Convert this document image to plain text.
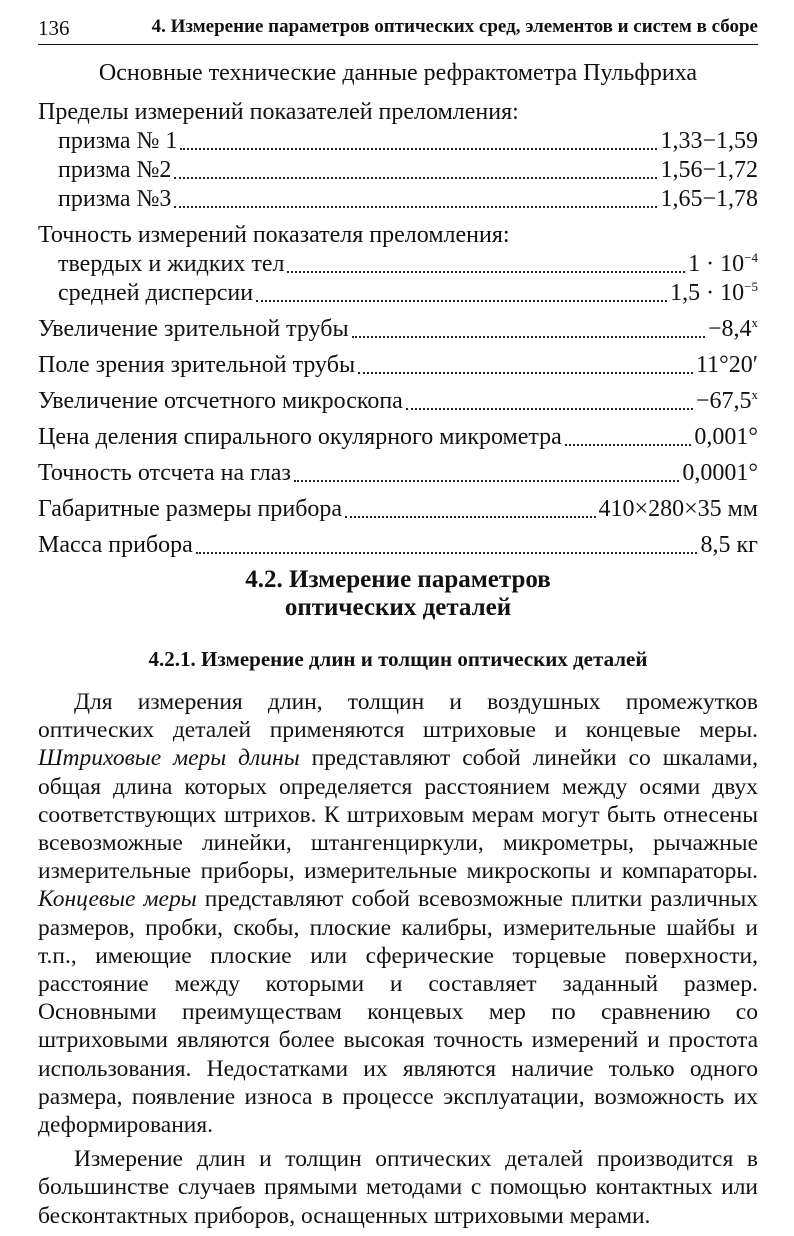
136	4. Измерение параметров оптических сред, элементов и систем в сборе
Основные технические данные рефрактометра Пульфриха
Пределы измерений показателей преломления:
призма № 1	1,33−1,59
призма №2	1,56−1,72
призма №3	1,65−1,78
Точность измерений показателя преломления:
твердых и жидких тел	$1 \cdot 10^{-4}$
средней дисперсии	$1,5 \cdot 10^{-5}$
Увеличение зрительной трубы	$-8,4^x$
Поле зрения зрительной трубы	11°20′
Увеличение отсчетного микроскопа	$-67,5^x$
Цена деления спирального окулярного микрометра	0,001°
Точность отсчета на глаз	0,0001°
Габаритные размеры прибора	410×280×35 мм
Масса прибора	8,5 кг
4.2. Измерение параметров
оптических деталей
4.2.1. Измерение длин и толщин оптических деталей

Для измерения длин, толщин и воздушных промежутков оптических деталей применяются штриховые и концевые меры. Штриховые меры длины представляют собой линейки со шкалами, общая длина которых определяется расстоянием между осями двух соответствующих штрихов. К штриховым мерам могут быть отнесены всевозможные линейки, штангенциркули, микрометры, рычажные измерительные приборы, измерительные микроскопы и компараторы. Концевые меры представляют собой всевозможные плитки различных размеров, пробки, скобы, плоские калибры, измерительные шайбы и т.п., имеющие плоские или сферические торцевые поверхности, расстояние между которыми и составляет заданный размер. Основными преимуществам концевых мер по сравнению со штриховыми являются более высокая точность измерений и простота использования. Недостатками их являются наличие только одного размера, появление износа в процессе эксплуатации, возможность их деформирования.

Измерение длин и толщин оптических деталей производится в большинстве случаев прямыми методами с помощью контактных или бесконтактных приборов, оснащенных штриховыми мерами.
